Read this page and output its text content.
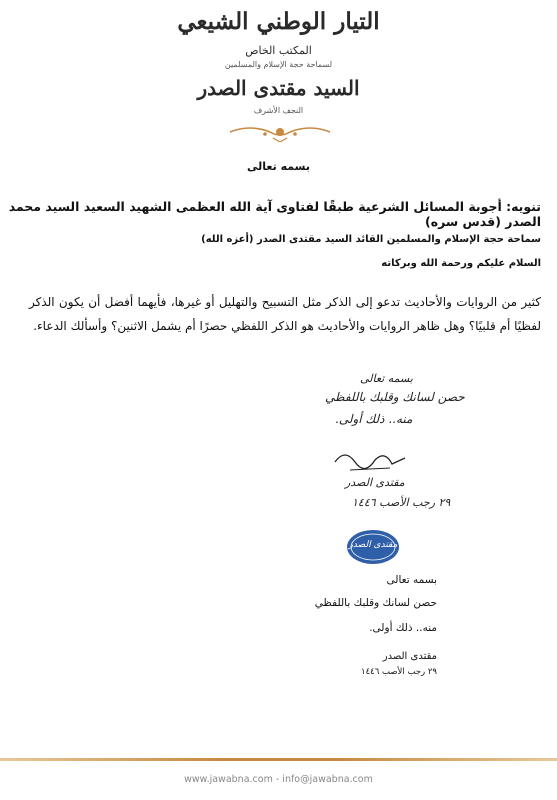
التيار الوطني الشيعي
المكتب الخاص
لسماحة حجة الإسلام والمسلمين
السيد مقتدى الصدر
النجف الأشرف
بسمه تعالى
تنويه: أجوبة المسائل الشرعية طبقًا لفتاوى آية الله العظمى الشهيد السعيد السيد محمد الصدر (قدس سره)
سماحة حجة الإسلام والمسلمين القائد السيد مقتدى الصدر (أعزه الله)
السلام عليكم ورحمة الله وبركاته
كثير من الروايات والأحاديث تدعو إلى الذكر مثل التسبيح والتهليل أو غيرها، فأيهما أفضل أن يكون الذكر لفظيًا أم قلبيًا؟ وهل ظاهر الروايات والأحاديث هو الذكر اللفظي حصرًا أم يشمل الاثنين؟ وأسألك الدعاء.
بسمه تعالى
حصن لسانك وقلبك باللفظي
منه.. ذلك أولى.
مقتدى الصدر
٢٩ رجب الأصب ١٤٤٦
مقتدى الصدر
بسمه تعالى
حصن لسانك وقلبك باللفظي
منه.. ذلك أولى.
مقتدى الصدر
٢٩ رجب الأصب ١٤٤٦
www.jawabna.com - info@jawabna.com
